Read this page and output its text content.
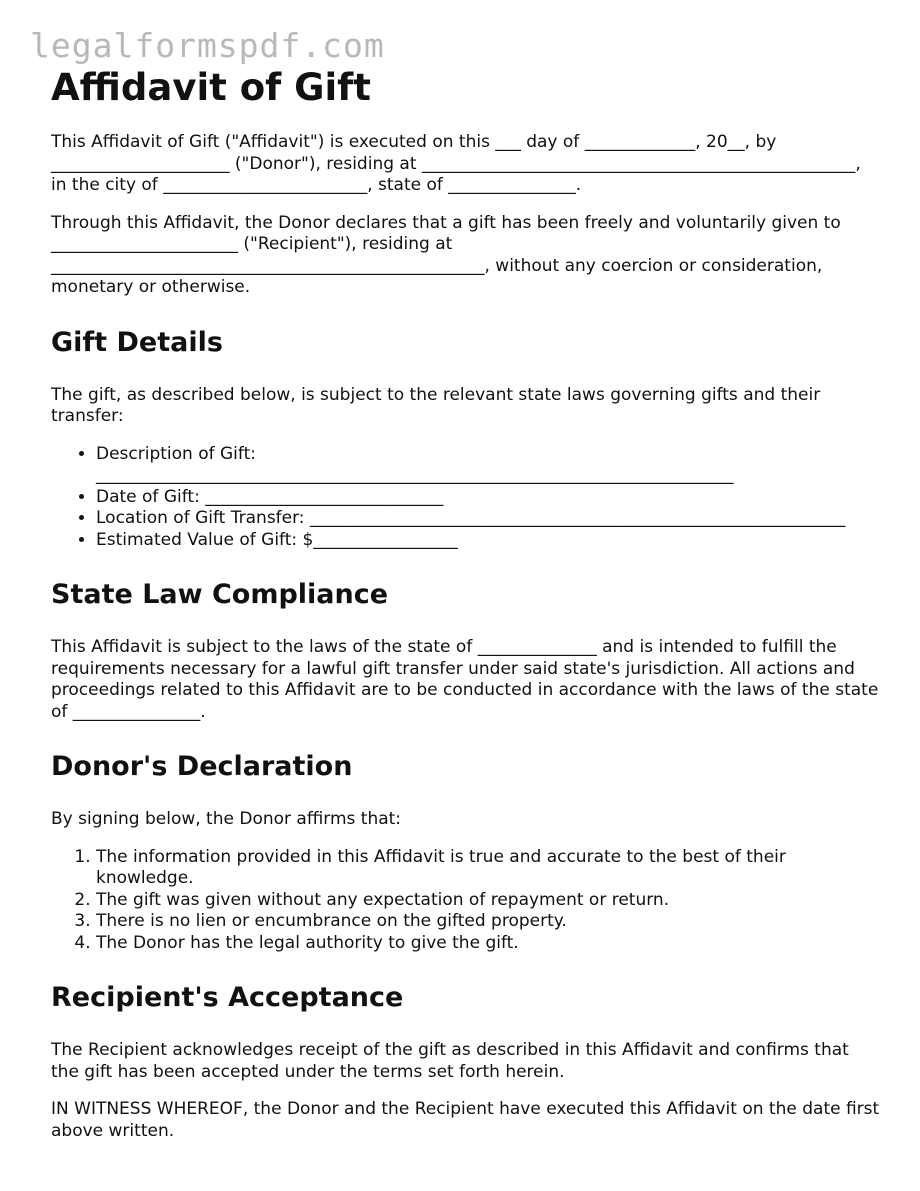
legalformspdf.com
Affidavit of Gift

This Affidavit of Gift ("Affidavit") is executed on this ___ day of _____________, 20__, by _____________________ ("Donor"), residing at ___________________________________________________, in the city of ________________________, state of _______________.

Through this Affidavit, the Donor declares that a gift has been freely and voluntarily given to ______________________ ("Recipient"), residing at ___________________________________________________, without any coercion or consideration, monetary or otherwise.

Gift Details

The gift, as described below, is subject to the relevant state laws governing gifts and their transfer:

• Description of Gift: ___________________________________________________________________________
• Date of Gift: ____________________________
• Location of Gift Transfer: _______________________________________________________________
• Estimated Value of Gift: $_________________
State Law Compliance

This Affidavit is subject to the laws of the state of ______________ and is intended to fulfill the requirements necessary for a lawful gift transfer under said state's jurisdiction. All actions and proceedings related to this Affidavit are to be conducted in accordance with the laws of the state of _______________.

Donor's Declaration

By signing below, the Donor affirms that:

1. The information provided in this Affidavit is true and accurate to the best of their knowledge.
2. The gift was given without any expectation of repayment or return.
3. There is no lien or encumbrance on the gifted property.
4. The Donor has the legal authority to give the gift.
Recipient's Acceptance

The Recipient acknowledges receipt of the gift as described in this Affidavit and confirms that the gift has been accepted under the terms set forth herein.

IN WITNESS WHEREOF, the Donor and the Recipient have executed this Affidavit on the date first above written.
